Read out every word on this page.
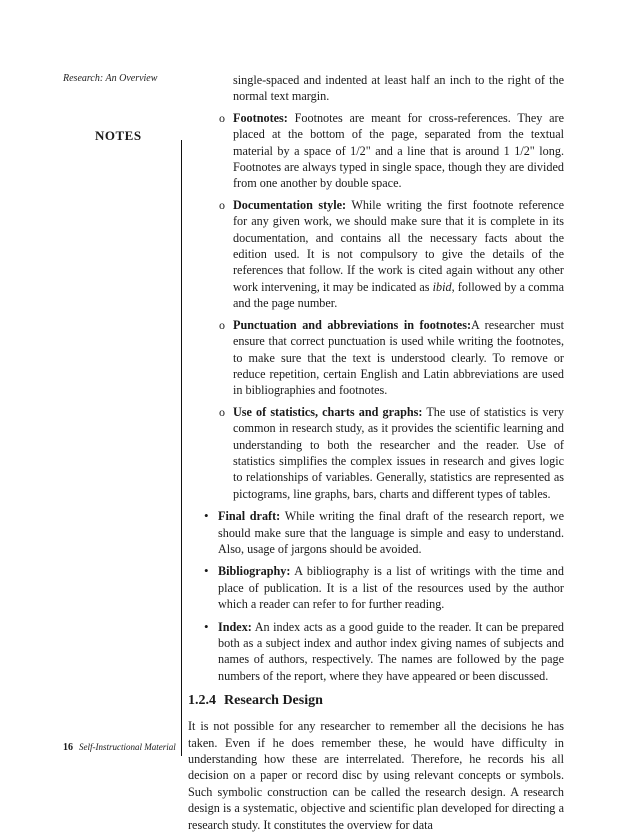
Research: An Overview
NOTES

single-spaced and indented at least half an inch to the right of the normal text margin.

o Footnotes: Footnotes are meant for cross-references. They are placed at the bottom of the page, separated from the textual material by a space of 1/2" and a line that is around 1 1/2" long. Footnotes are always typed in single space, though they are divided from one another by double space.

o Documentation style: While writing the first footnote reference for any given work, we should make sure that it is complete in its documentation, and contains all the necessary facts about the edition used. It is not compulsory to give the details of the references that follow. If the work is cited again without any other work intervening, it may be indicated as ibid, followed by a comma and the page number.

o Punctuation and abbreviations in footnotes:A researcher must ensure that correct punctuation is used while writing the footnotes, to make sure that the text is understood clearly. To remove or reduce repetition, certain English and Latin abbreviations are used in bibliographies and footnotes.

o Use of statistics, charts and graphs: The use of statistics is very common in research study, as it provides the scientific learning and understanding to both the researcher and the reader. Use of statistics simplifies the complex issues in research and gives logic to relationships of variables. Generally, statistics are represented as pictograms, line graphs, bars, charts and different types of tables.

• Final draft: While writing the final draft of the research report, we should make sure that the language is simple and easy to understand. Also, usage of jargons should be avoided.

• Bibliography: A bibliography is a list of writings with the time and place of publication. It is a list of the resources used by the author which a reader can refer to for further reading.

• Index: An index acts as a good guide to the reader. It can be prepared both as a subject index and author index giving names of subjects and names of authors, respectively. The names are followed by the page numbers of the report, where they have appeared or been discussed.

1.2.4 Research Design

It is not possible for any researcher to remember all the decisions he has taken. Even if he does remember these, he would have difficulty in understanding how these are interrelated. Therefore, he records his all decision on a paper or record disc by using relevant concepts or symbols. Such symbolic construction can be called the research design. A research design is a systematic, objective and scientific plan developed for directing a research study. It constitutes the overview for data

16 Self-Instructional Material
